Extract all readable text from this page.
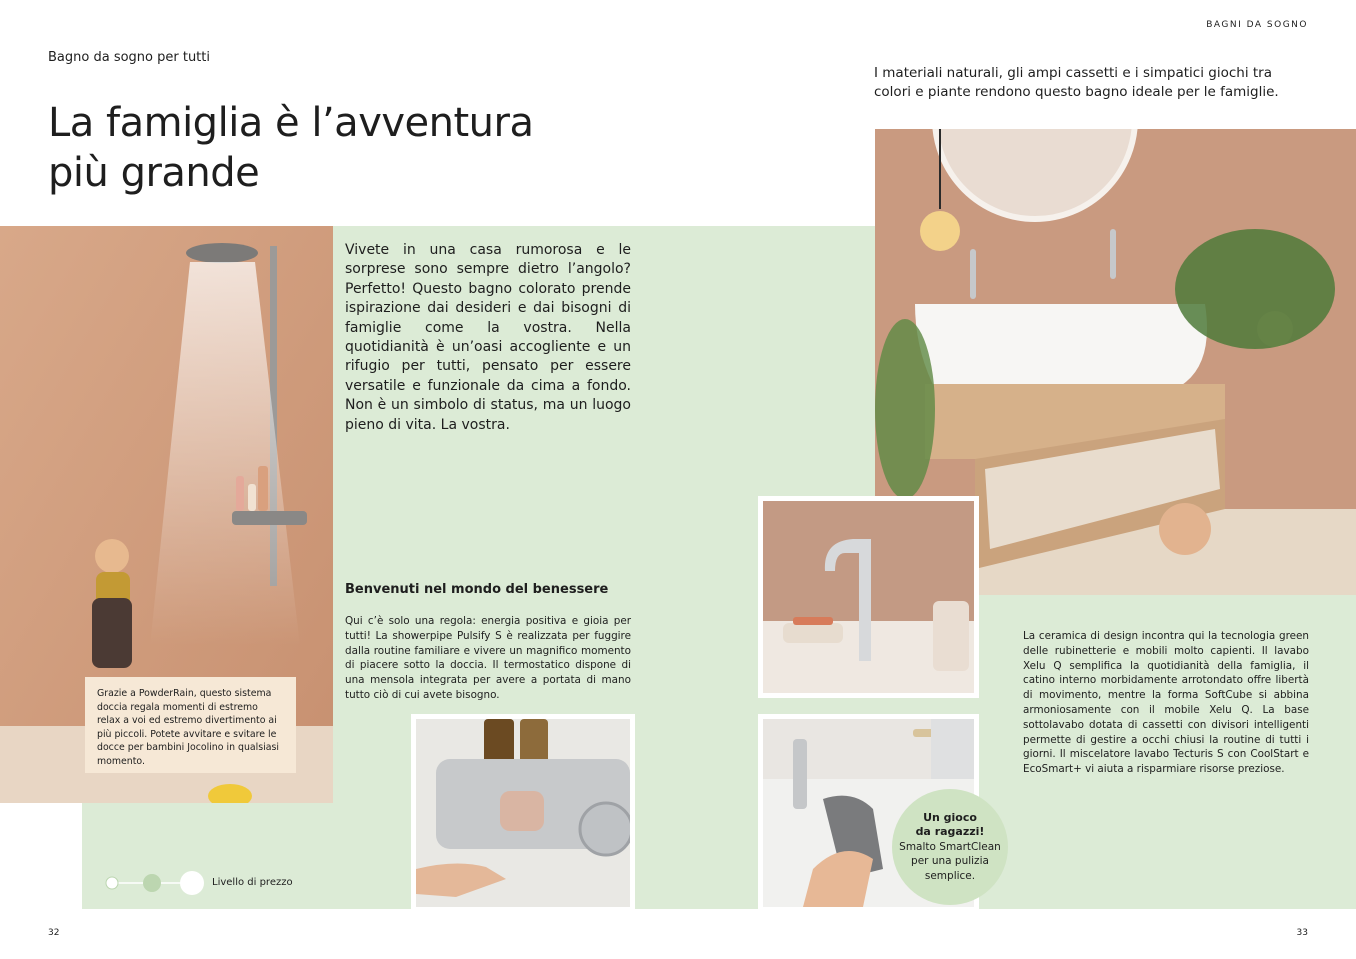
BAGNI DA SOGNO
Bagno da sogno per tutti
La famiglia è l’avventura
più grande
I materiali naturali, gli ampi cassetti e i simpatici giochi tra colori e piante rendono questo bagno ideale per le famiglie.
Grazie a PowderRain, questo sistema doccia regala momenti di estremo relax a voi ed estremo divertimento ai più piccoli. Potete avvitare e svitare le docce per bambini Jocolino in qualsiasi momento.
Vivete in una casa rumorosa e le sorprese sono sempre dietro l’angolo? Perfetto! Questo bagno colorato prende ispirazione dai desideri e dai bisogni di famiglie come la vostra. Nella quotidianità è un’oasi accogliente e un rifugio per tutti, pensato per essere versatile e funzionale da cima a fondo. Non è un simbolo di status, ma un luogo pieno di vita. La vostra.
Benvenuti nel mondo del benessere
Qui c’è solo una regola: energia positiva e gioia per tutti! La showerpipe Pulsify S è realizzata per fuggire dalla routine familiare e vivere un magnifico momento di piacere sotto la doccia. Il termostatico dispone di una mensola integrata per avere a portata di mano tutto ciò di cui avete bisogno.
Livello di prezzo
La ceramica di design incontra qui la tecnologia green delle rubinetterie e mobili molto capienti. Il lavabo Xelu Q semplifica la quotidianità della famiglia, il catino interno morbidamente arrotondato offre libertà di movimento, mentre la forma SoftCube si abbina armoniosamente con il mobile Xelu Q. La base sottolavabo dotata di cassetti con divisori intelligenti permette di gestire a occhi chiusi la routine di tutti i giorni. Il miscelatore lavabo Tecturis S con CoolStart e EcoSmart+ vi aiuta a risparmiare risorse preziose.
Un gioco
da ragazzi!
Smalto SmartClean
per una pulizia
semplice.
32	33
